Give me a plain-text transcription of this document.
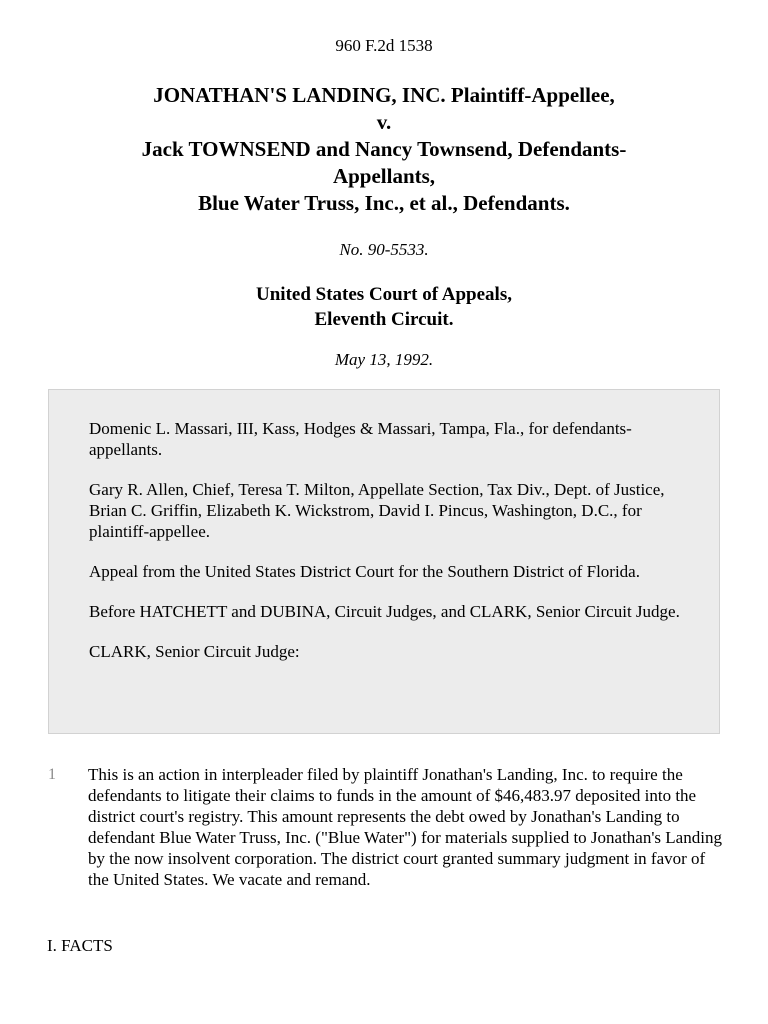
960 F.2d 1538
JONATHAN'S LANDING, INC. Plaintiff-Appellee,
v.
Jack TOWNSEND and Nancy Townsend, Defendants-
Appellants,
Blue Water Truss, Inc., et al., Defendants.
No. 90-5533.
United States Court of Appeals,
Eleventh Circuit.
May 13, 1992.

Domenic L. Massari, III, Kass, Hodges & Massari, Tampa, Fla., for defendants-appellants.

Gary R. Allen, Chief, Teresa T. Milton, Appellate Section, Tax Div., Dept. of Justice, Brian C. Griffin, Elizabeth K. Wickstrom, David I. Pincus, Washington, D.C., for plaintiff-appellee.

Appeal from the United States District Court for the Southern District of Florida.

Before HATCHETT and DUBINA, Circuit Judges, and CLARK, Senior Circuit Judge.

CLARK, Senior Circuit Judge:

1 This is an action in interpleader filed by plaintiff Jonathan's Landing, Inc. to require the defendants to litigate their claims to funds in the amount of $46,483.97 deposited into the district court's registry. This amount represents the debt owed by Jonathan's Landing to defendant Blue Water Truss, Inc. ("Blue Water") for materials supplied to Jonathan's Landing by the now insolvent corporation. The district court granted summary judgment in favor of the United States. We vacate and remand.
I. FACTS
